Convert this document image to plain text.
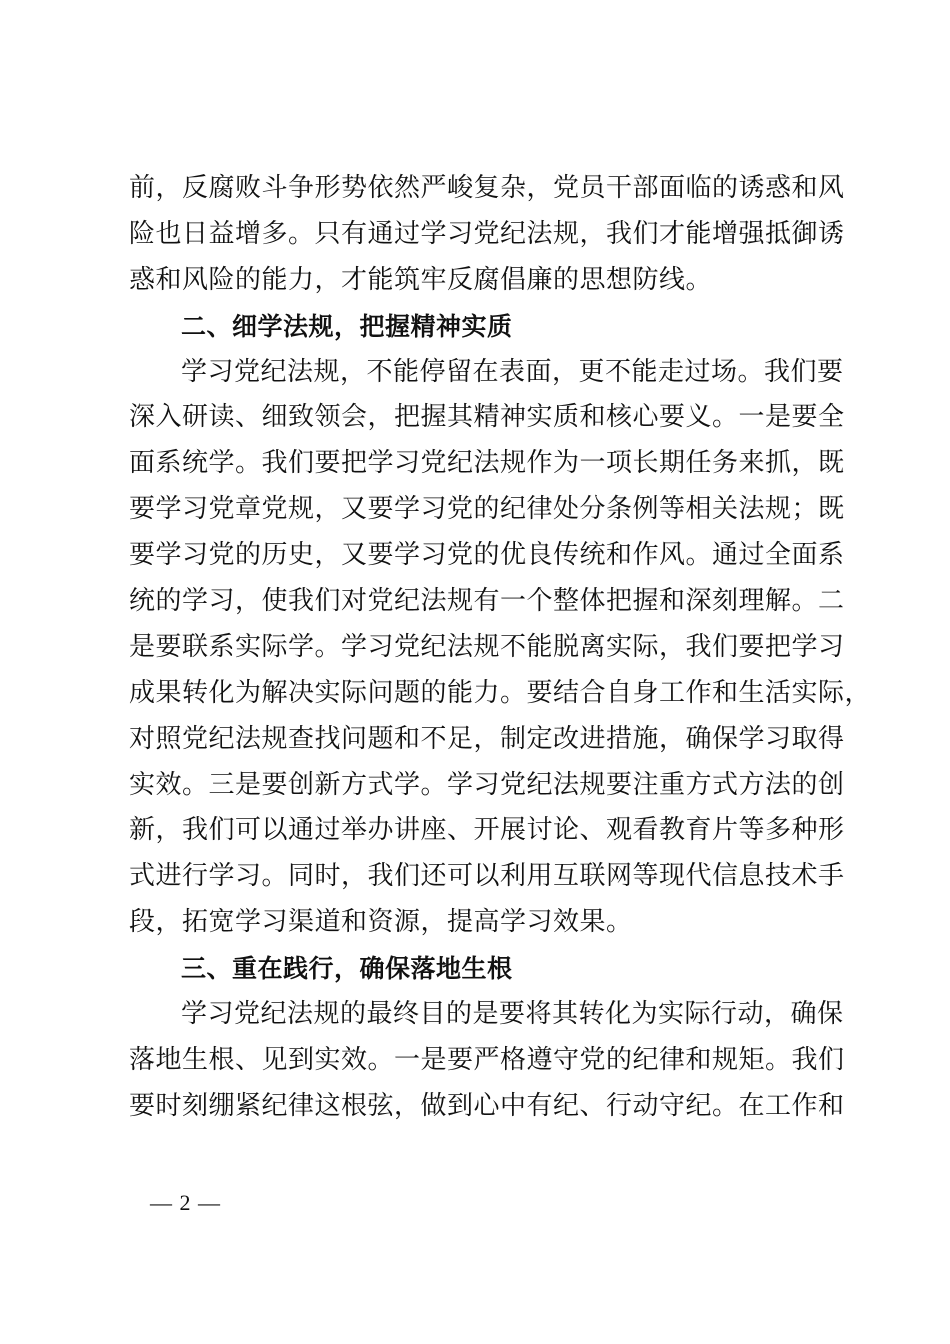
前，反腐败斗争形势依然严峻复杂，党员干部面临的诱惑和风
险也日益增多。只有通过学习党纪法规，我们才能增强抵御诱
惑和风险的能力，才能筑牢反腐倡廉的思想防线。
二、细学法规，把握精神实质
学习党纪法规，不能停留在表面，更不能走过场。我们要
深入研读、细致领会，把握其精神实质和核心要义。一是要全
面系统学。我们要把学习党纪法规作为一项长期任务来抓，既
要学习党章党规，又要学习党的纪律处分条例等相关法规；既
要学习党的历史，又要学习党的优良传统和作风。通过全面系
统的学习，使我们对党纪法规有一个整体把握和深刻理解。二
是要联系实际学。学习党纪法规不能脱离实际，我们要把学习
成果转化为解决实际问题的能力。要结合自身工作和生活实际，
对照党纪法规查找问题和不足，制定改进措施，确保学习取得
实效。三是要创新方式学。学习党纪法规要注重方式方法的创
新，我们可以通过举办讲座、开展讨论、观看教育片等多种形
式进行学习。同时，我们还可以利用互联网等现代信息技术手
段，拓宽学习渠道和资源，提高学习效果。
三、重在践行，确保落地生根
学习党纪法规的最终目的是要将其转化为实际行动，确保
落地生根、见到实效。一是要严格遵守党的纪律和规矩。我们
要时刻绷紧纪律这根弦，做到心中有纪、行动守纪。在工作和
— 2 —
